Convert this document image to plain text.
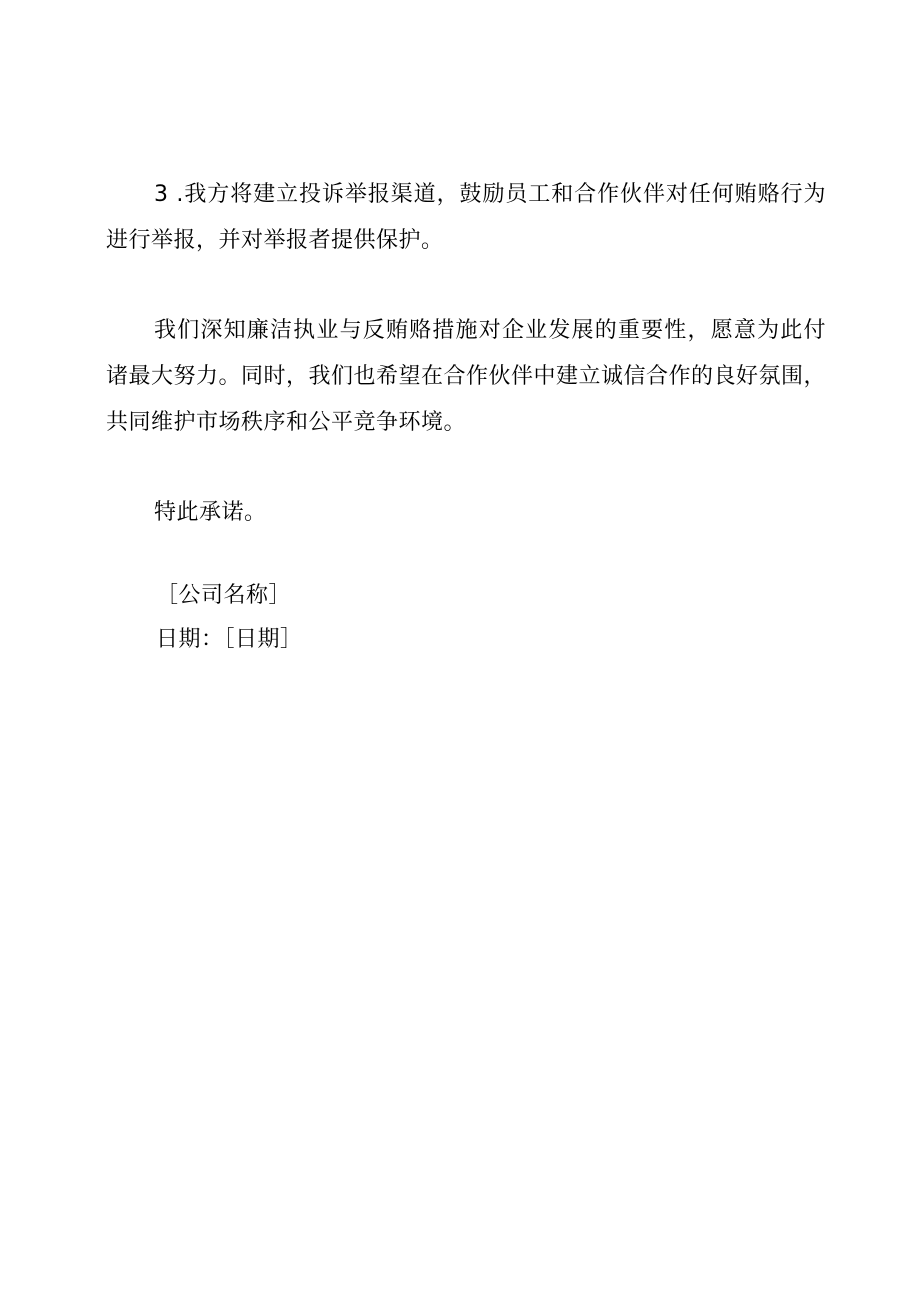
3 .我方将建立投诉举报渠道，鼓励员工和合作伙伴对任何贿赂行为进行举报，并对举报者提供保护。

我们深知廉洁执业与反贿赂措施对企业发展的重要性，愿意为此付诸最大努力。同时，我们也希望在合作伙伴中建立诚信合作的良好氛围，共同维护市场秩序和公平竞争环境。

特此承诺。

［公司名称］
日期：［日期］
